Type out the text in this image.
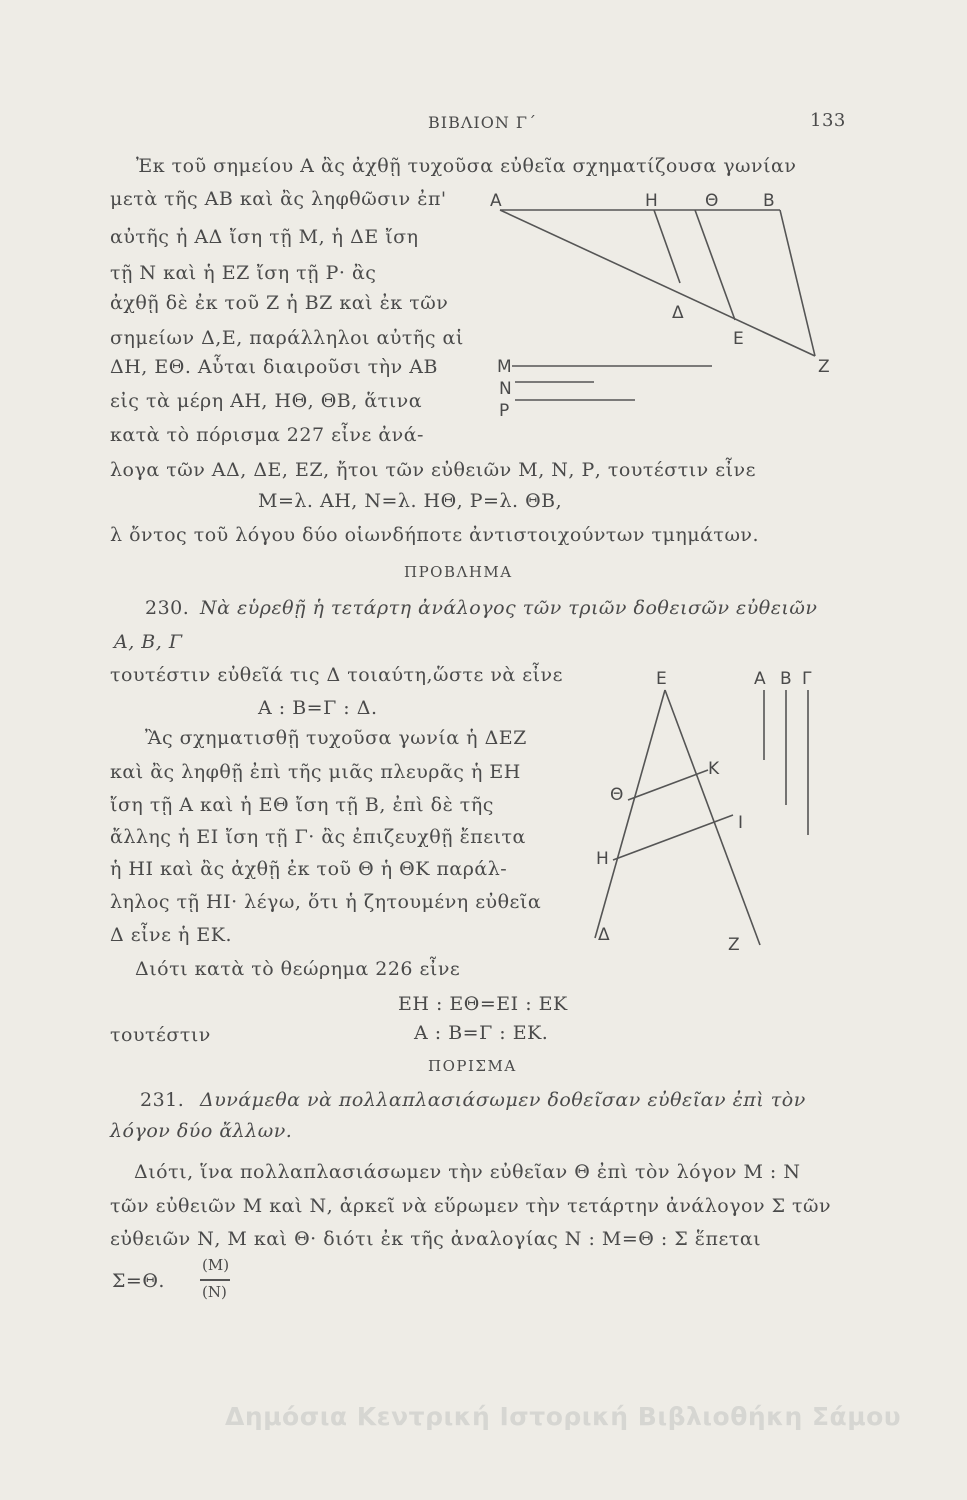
ΒΙΒΛΙΟΝ Γ΄	133
Ἐκ τοῦ σημείου Α ἂς ἀχθῇ τυχοῦσα εὐθεῖα σχηματίζουσα γωνίαν
μετὰ τῆς ΑΒ καὶ ἂς ληφθῶσιν ἐπ'
αὐτῆς ἡ ΑΔ ἴση τῇ Μ, ἡ ΔΕ ἴση
τῇ Ν καὶ ἡ ΕΖ ἴση τῇ Ρ· ἂς
ἀχθῇ δὲ ἐκ τοῦ Ζ ἡ ΒΖ καὶ ἐκ τῶν
σημείων Δ,Ε, παράλληλοι αὐτῆς αἱ
ΔΗ, ΕΘ. Αὗται διαιροῦσι τὴν ΑΒ
εἰς τὰ μέρη ΑΗ, ΗΘ, ΘΒ, ἅτινα
κατὰ τὸ πόρισμα 227 εἶνε ἀνά-
λογα τῶν ΑΔ, ΔΕ, ΕΖ, ἤτοι τῶν εὐθειῶν Μ, Ν, Ρ, τουτέστιν εἶνε
Μ=λ. ΑΗ, Ν=λ. ΗΘ, Ρ=λ. ΘΒ,
λ ὄντος τοῦ λόγου δύο οἱωνδήποτε ἀντιστοιχούντων τμημάτων.
Α	Η	Θ	Β
Δ
Ε
Ζ
Μ
Ν
Ρ
ΠΡΟΒΛΗΜΑ
230. Νὰ εὑρεθῇ ἡ τετάρτη ἀνάλογος τῶν τριῶν δοθεισῶν εὐθειῶν
Α, Β, Γ
τουτέστιν εὐθεῖά τις Δ τοιαύτη,ὥστε νὰ εἶνε
Α : Β=Γ : Δ.
Ἂς σχηματισθῇ τυχοῦσα γωνία ἡ ΔΕΖ
καὶ ἂς ληφθῇ ἐπὶ τῆς μιᾶς πλευρᾶς ἡ ΕΗ
ἴση τῇ Α καὶ ἡ ΕΘ ἴση τῇ Β, ἐπὶ δὲ τῆς
ἄλλης ἡ ΕΙ ἴση τῇ Γ· ἂς ἐπιζευχθῇ ἔπειτα
ἡ ΗΙ καὶ ἂς ἀχθῇ ἐκ τοῦ Θ ἡ ΘΚ παράλ-
ληλος τῇ ΗΙ· λέγω, ὅτι ἡ ζητουμένη εὐθεῖα
Δ εἶνε ἡ ΕΚ.
Διότι κατὰ τὸ θεώρημα 226 εἶνε
ΕΗ : ΕΘ=ΕΙ : ΕΚ
τουτέστιν	Α : Β=Γ : ΕΚ.
Ε	Α Β Γ
Κ
Θ
Ι
Η
Δ	Ζ
ΠΟΡΙΣΜΑ
231. Δυνάμεθα νὰ πολλαπλασιάσωμεν δοθεῖσαν εὐθεῖαν ἐπὶ τὸν
λόγον δύο ἄλλων.
Διότι, ἵνα πολλαπλασιάσωμεν τὴν εὐθεῖαν Θ ἐπὶ τὸν λόγον Μ : Ν
τῶν εὐθειῶν Μ καὶ Ν, ἀρκεῖ νὰ εὕρωμεν τὴν τετάρτην ἀνάλογον Σ τῶν
εὐθειῶν Ν, Μ καὶ Θ· διότι ἐκ τῆς ἀναλογίας Ν : Μ=Θ : Σ ἕπεται
Σ=Θ.
(Μ)
(Ν)
Δημόσια Κεντρική Ιστορική Βιβλιοθήκη Σάμου
